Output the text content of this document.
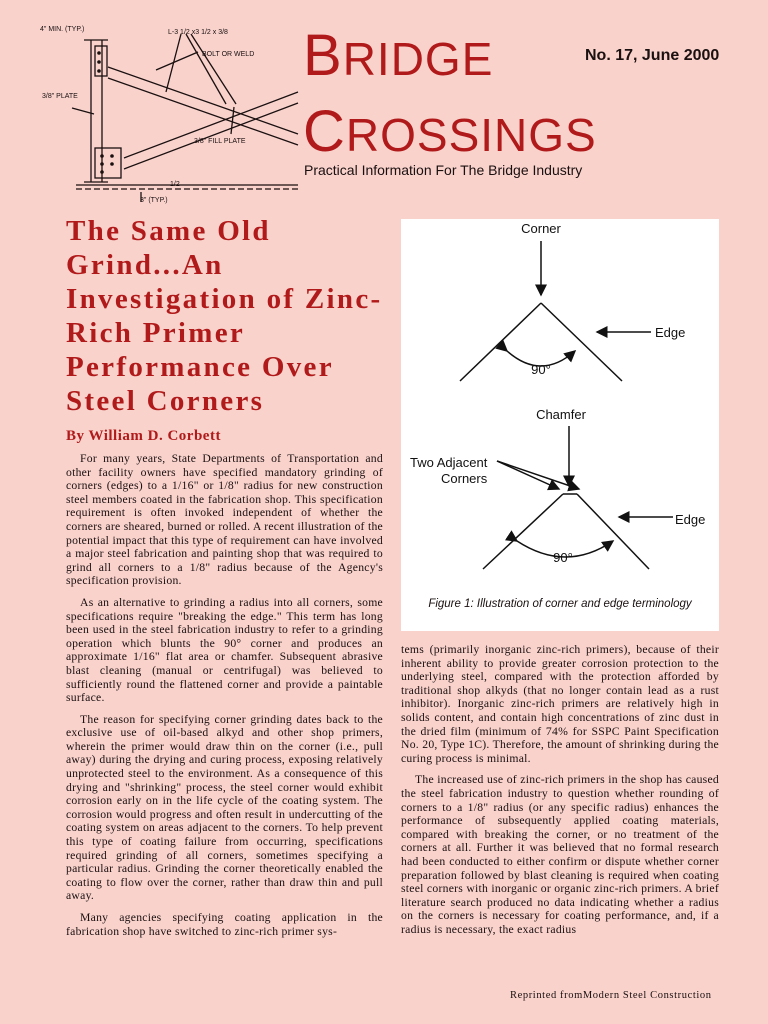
4" MIN. (TYP.)	L-3 1/2 x3 1/2 x 3/8
BOLT OR WELD
3/8" PLATE
3/8" FILL PLATE
1/2
3" (TYP.)
BRIDGE
CROSSINGS
No. 17, June 2000
Practical Information For The Bridge Industry
The Same Old Grind...An Investigation of Zinc-Rich Primer Performance Over Steel Corners
By William D. Corbett

For many years, State Departments of Transportation and other facility owners have specified mandatory grinding of corners (edges) to a 1/16" or 1/8" radius for new construction steel members coated in the fabrication shop. This specification requirement is often invoked independent of whether the corners are sheared, burned or rolled. A recent illustration of the potential impact that this type of requirement can have involved a major steel fabrication and painting shop that was required to grind all corners to a 1/8" radius because of the Agency's specification provision.

As an alternative to grinding a radius into all corners, some specifications require "breaking the edge." This term has long been used in the steel fabrication industry to refer to a grinding operation which blunts the 90° corner and produces an approximate 1/16" flat area or chamfer. Subsequent abrasive blast cleaning (manual or centrifugal) was believed to sufficiently round the flattened corner and provide a paintable surface.

The reason for specifying corner grinding dates back to the exclusive use of oil-based alkyd and other shop primers, wherein the primer would draw thin on the corner (i.e., pull away) during the drying and curing process, exposing relatively unprotected steel to the environment. As a consequence of this drying and "shrinking" process, the steel corner would exhibit corrosion early on in the life cycle of the coating system. The corrosion would progress and often result in undercutting of the coating system on areas adjacent to the corners. To help prevent this type of coating failure from occurring, specifications required grinding of all corners, sometimes specifying a particular radius. Grinding the corner theoretically enabled the coating to flow over the corner, rather than draw thin and pull away.

Many agencies specifying coating application in the fabrication shop have switched to zinc-rich primer sys-

Corner
Edge
90°
Chamfer
Two Adjacent
Corners
Edge
90°
Figure 1: Illustration of corner and edge terminology

tems (primarily inorganic zinc-rich primers), because of their inherent ability to provide greater corrosion protection to the underlying steel, compared with the protection afforded by traditional shop alkyds (that no longer contain lead as a rust inhibitor). Inorganic zinc-rich primers are relatively high in solids content, and contain high concentrations of zinc dust in the dried film (minimum of 74% for SSPC Paint Specification No. 20, Type 1C). Therefore, the amount of shrinking during the curing process is minimal.

The increased use of zinc-rich primers in the shop has caused the steel fabrication industry to question whether rounding of corners to a 1/8" radius (or any specific radius) enhances the performance of subsequently applied coating materials, compared with breaking the corner, or no treatment of the corners at all. Further it was believed that no formal research had been conducted to either confirm or dispute whether corner preparation followed by blast cleaning is required when coating steel corners with inorganic or organic zinc-rich primers. A brief literature search produced no data indicating whether a radius on the corners is necessary for coating performance, and, if a radius is necessary, the exact radius

Reprinted fromModern Steel Construction
